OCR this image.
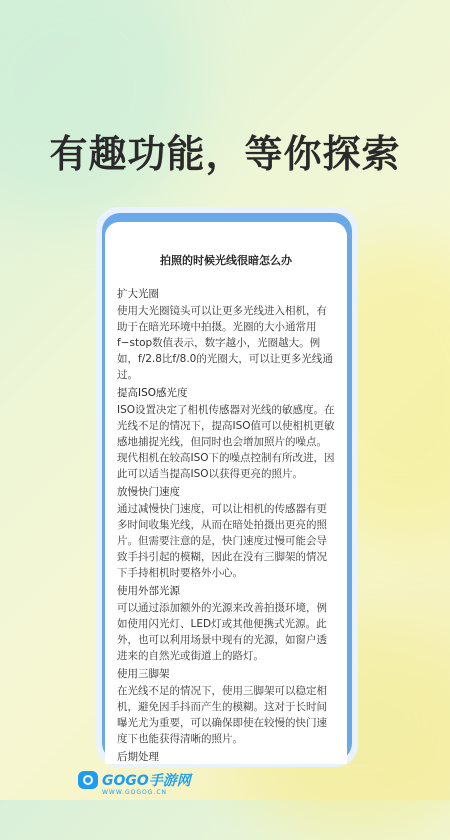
有趣功能，等你探索
拍照的时候光线很暗怎么办
扩大光圈
使用大光圈镜头可以让更多光线进入相机，有助于在暗光环境中拍摄。光圈的大小通常用f−stop数值表示，数字越小，光圈越大。例如，f/2.8比f/8.0的光圈大，可以让更多光线通过。
提高ISO感光度
ISO设置决定了相机传感器对光线的敏感度。在光线不足的情况下，提高ISO值可以使相机更敏感地捕捉光线，但同时也会增加照片的噪点。现代相机在较高ISO下的噪点控制有所改进，因此可以适当提高ISO以获得更亮的照片。
放慢快门速度
通过减慢快门速度，可以让相机的传感器有更多时间收集光线，从而在暗处拍摄出更亮的照片。但需要注意的是，快门速度过慢可能会导致手抖引起的模糊，因此在没有三脚架的情况下手持相机时要格外小心。
使用外部光源
可以通过添加额外的光源来改善拍摄环境，例如使用闪光灯、LED灯或其他便携式光源。此外，也可以利用场景中现有的光源，如窗户透进来的自然光或街道上的路灯。
使用三脚架
在光线不足的情况下，使用三脚架可以稳定相机，避免因手抖而产生的模糊。这对于长时间曝光尤为重要，可以确保即使在较慢的快门速度下也能获得清晰的照片。
后期处理
GOGO手游网
WWW.GOGOG.CN
